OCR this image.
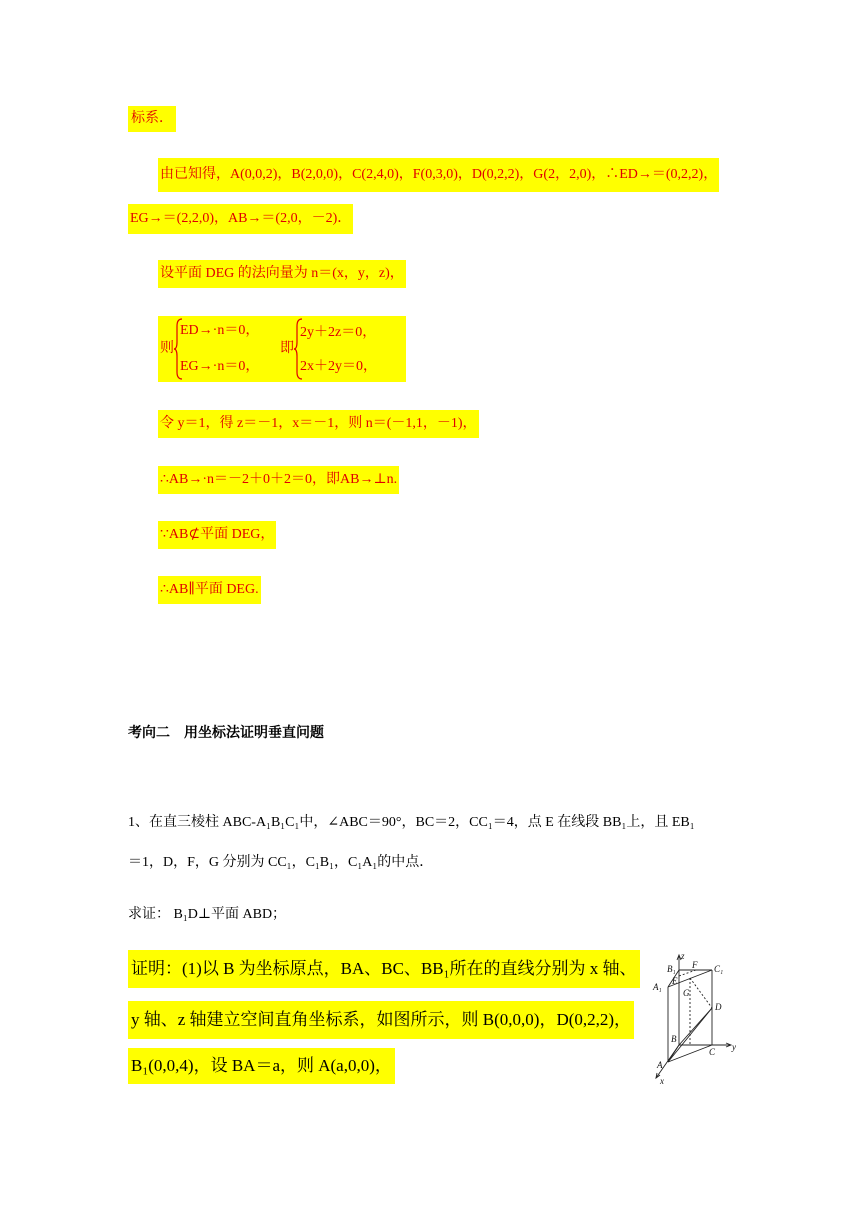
标系．
由已知得，A(0,0,2)，B(2,0,0)，C(2,4,0)，F(0,3,0)，D(0,2,2)，G(2，2,0)，∴ED→＝(0,2,2)，
EG→＝(2,2,0)，AB→＝(2,0，－2)．
设平面 DEG 的法向量为 n＝(x，y，z)，
则
ED→·n＝0，
EG→·n＝0，
即
2y＋2z＝0，
2x＋2y＝0，
令 y＝1，得 z＝－1，x＝－1，则 n＝(－1,1，－1)，
∴AB→·n＝－2＋0＋2＝0，即AB→⊥n.
∵AB⊄平面 DEG，
∴AB∥平面 DEG.
考向二　用坐标法证明垂直问题
1、在直三棱柱 ABC-A₁B₁C₁中，∠ABC＝90°，BC＝2，CC₁＝4，点 E 在线段 BB₁上，且 EB₁
＝1，D，F，G 分别为 CC₁，C₁B₁，C₁A₁的中点．
求证： B₁D⊥平面 ABD；
证明：(1)以 B 为坐标原点，BA、BC、BB₁所在的直线分别为 x 轴、
y 轴、z 轴建立空间直角坐标系，如图所示，则 B(0,0,0)，D(0,2,2)，
B₁(0,0,4)，设 BA＝a，则 A(a,0,0)，
z
B₁ F C₁
A₁
E
G
D
B
C y
A
x
